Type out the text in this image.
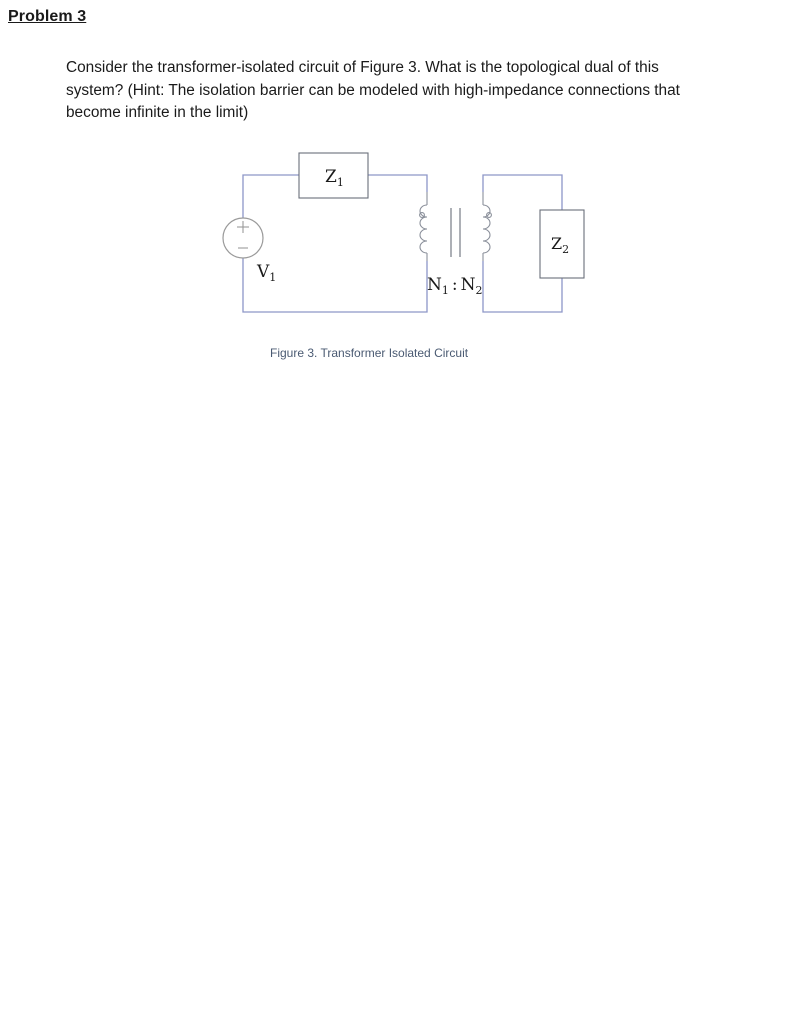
Problem 3
Consider the transformer-isolated circuit of Figure 3. What is the topological dual of this
system? (Hint: The isolation barrier can be modeled with high-impedance connections that
become infinite in the limit)
$Z_1$
$Z_2$
$V_1$	$N_1$ : $N_2$
Figure 3. Transformer Isolated Circuit
